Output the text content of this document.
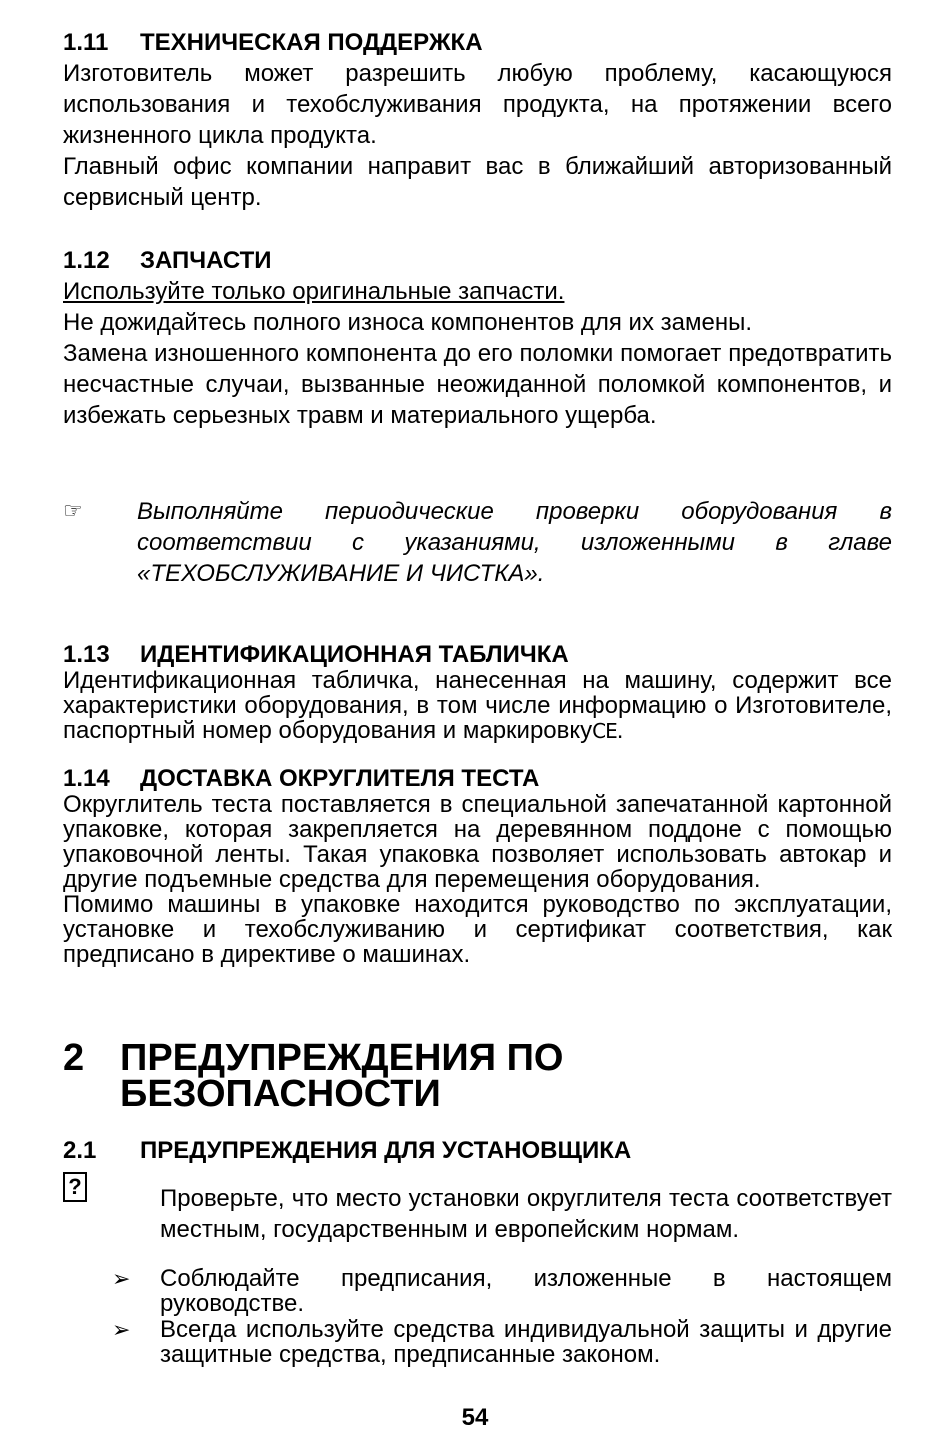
1.11 ТЕХНИЧЕСКАЯ ПОДДЕРЖКА

Изготовитель может разрешить любую проблему, касающуюся использования и техобслуживания продукта, на протяжении всего жизненного цикла продукта.

Главный офис компании направит вас в ближайший авторизованный сервисный центр.

1.12 ЗАПЧАСТИ

Используйте только оригинальные запчасти.

Не дожидайтесь полного износа компонентов для их замены.

Замена изношенного компонента до его поломки помогает предотвратить несчастные случаи, вызванные неожиданной поломкой компонентов, и избежать серьезных травм и материального ущерба.

☞ Выполняйте периодические проверки оборудования в соответствии с указаниями, изложенными в главе «ТЕХОБСЛУЖИВАНИЕ И ЧИСТКА».

1.13 ИДЕНТИФИКАЦИОННАЯ ТАБЛИЧКА

Идентификационная табличка, нанесенная на машину, содержит все характеристики оборудования, в том числе информацию о Изготовителе, паспортный номер оборудования и маркировкуCE.

1.14 ДОСТАВКА ОКРУГЛИТЕЛЯ ТЕСТА

Округлитель теста поставляется в специальной запечатанной картонной упаковке, которая закрепляется на деревянном поддоне с помощью упаковочной ленты. Такая упаковка позволяет использовать автокар и другие подъемные средства для перемещения оборудования.

Помимо машины в упаковке находится руководство по эксплуатации, установке и техобслуживанию и сертификат соответствия, как предписано в директиве о машинах.

2 ПРЕДУПРЕЖДЕНИЯ ПО
БЕЗОПАСНОСТИ
2.1 ПРЕДУПРЕЖДЕНИЯ ДЛЯ УСТАНОВЩИКА
?	Проверьте, что место установки округлителя теста соответствует местным, государственным и европейским нормам.

➢ Соблюдайте предписания, изложенные в настоящем руководстве.

➢ Всегда используйте средства индивидуальной защиты и другие защитные средства, предписанные законом.

54
